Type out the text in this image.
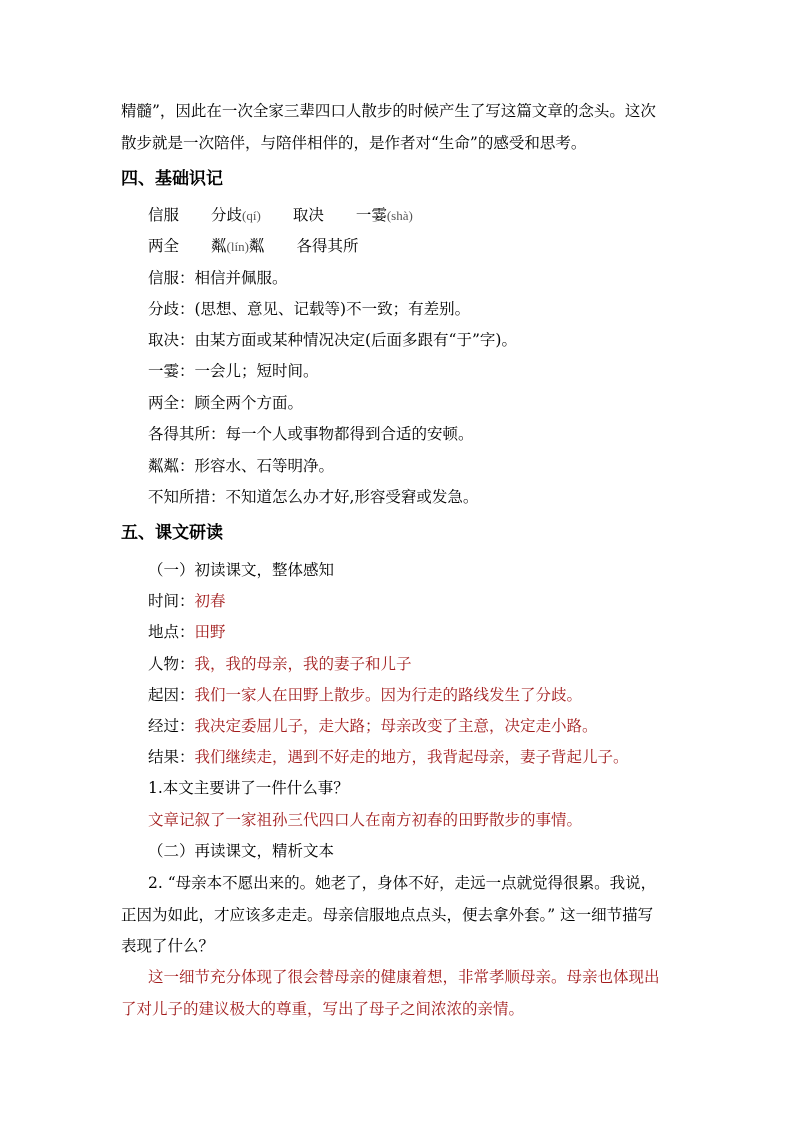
精髓”，因此在一次全家三辈四口人散步的时候产生了写这篇文章的念头。这次
散步就是一次陪伴，与陪伴相伴的，是作者对“生命”的感受和思考。
四、基础识记
信服 分歧(qí) 取决 一霎(shà)
两全 粼(lín)粼 各得其所
信服：相信并佩服。
分歧：(思想、意见、记载等)不一致；有差别。
取决：由某方面或某种情况决定(后面多跟有“于”字)。
一霎：一会儿；短时间。
两全：顾全两个方面。
各得其所：每一个人或事物都得到合适的安顿。
粼粼：形容水、石等明净。
不知所措：不知道怎么办才好,形容受窘或发急。
五、课文研读
（一）初读课文，整体感知
时间：初春
地点：田野
人物：我，我的母亲，我的妻子和儿子
起因：我们一家人在田野上散步。因为行走的路线发生了分歧。
经过：我决定委屈儿子，走大路；母亲改变了主意，决定走小路。
结果：我们继续走，遇到不好走的地方，我背起母亲，妻子背起儿子。
1.本文主要讲了一件什么事？
文章记叙了一家祖孙三代四口人在南方初春的田野散步的事情。
（二）再读课文，精析文本
2. “母亲本不愿出来的。她老了，身体不好，走远一点就觉得很累。我说，
正因为如此，才应该多走走。母亲信服地点点头，便去拿外套。” 这一细节描写
表现了什么？
这一细节充分体现了很会替母亲的健康着想，非常孝顺母亲。母亲也体现出
了对儿子的建议极大的尊重，写出了母子之间浓浓的亲情。
